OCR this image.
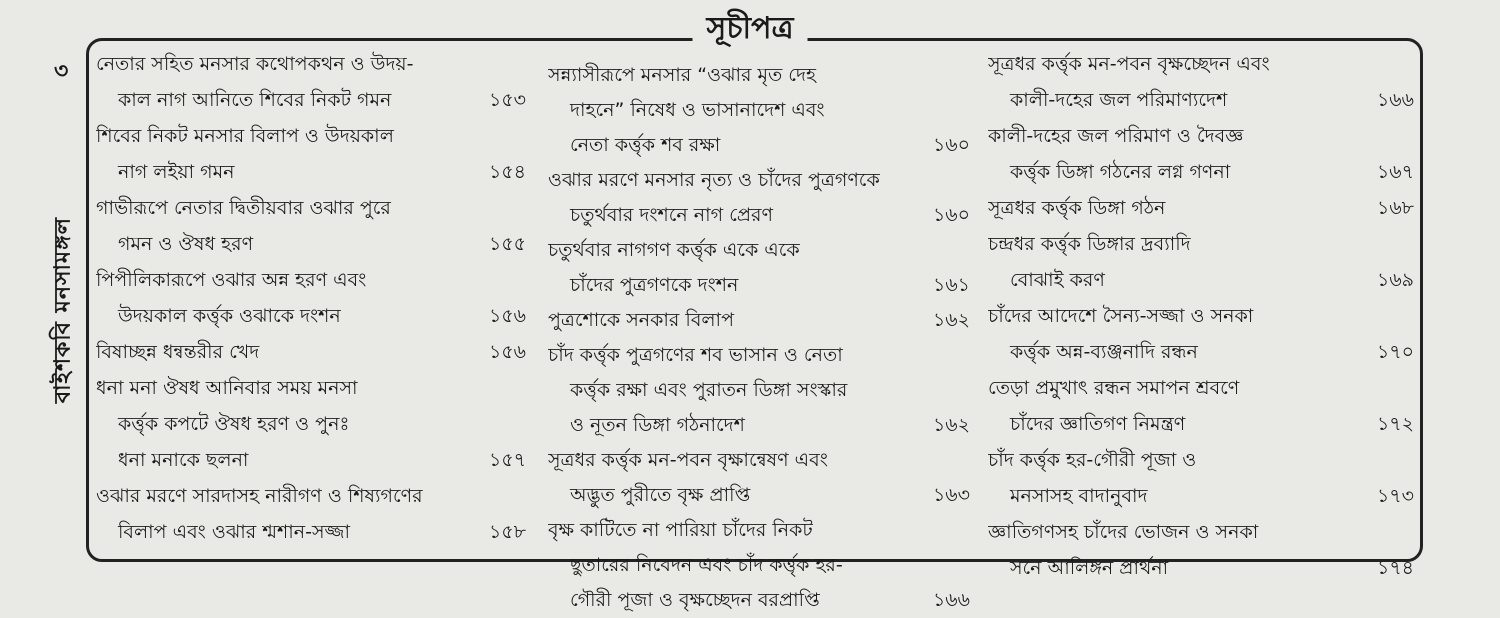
৩
বাইশকবি মনসামঙ্গল
সূচীপত্র
নেতার সহিত মনসার কথোপকথন ও উদয়-
কাল নাগ আনিতে শিবের নিকট গমন	১৫৩
শিবের নিকট মনসার বিলাপ ও উদয়কাল
নাগ লইয়া গমন	১৫৪
গাভীরূপে নেতার দ্বিতীয়বার ওঝার পুরে
গমন ও ঔষধ হরণ	১৫৫
পিপীলিকারূপে ওঝার অন্ন হরণ এবং
উদয়কাল কর্ত্তৃক ওঝাকে দংশন	১৫৬
বিষাচ্ছন্ন ধন্বন্তরীর খেদ	১৫৬
ধনা মনা ঔষধ আনিবার সময় মনসা
কর্ত্তৃক কপটে ঔষধ হরণ ও পুনঃ
ধনা মনাকে ছলনা	১৫৭
ওঝার মরণে সারদাসহ নারীগণ ও শিষ্যগণের
বিলাপ এবং ওঝার শ্মশান-সজ্জা	১৫৮
সন্ন্যাসীরূপে মনসার “ওঝার মৃত দেহ
দাহনে” নিষেধ ও ভাসানাদেশ এবং
নেতা কর্ত্তৃক শব রক্ষা	১৬০
ওঝার মরণে মনসার নৃত্য ও চাঁদের পুত্রগণকে
চতুর্থবার দংশনে নাগ প্রেরণ	১৬০
চতুর্থবার নাগগণ কর্ত্তৃক একে একে
চাঁদের পুত্রগণকে দংশন	১৬১
পুত্রশোকে সনকার বিলাপ	১৬২
চাঁদ কর্ত্তৃক পুত্রগণের শব ভাসান ও নেতা
কর্ত্তৃক রক্ষা এবং পুরাতন ডিঙ্গা সংস্কার
ও নূতন ডিঙ্গা গঠনাদেশ	১৬২
সূত্রধর কর্ত্তৃক মন-পবন বৃক্ষান্বেষণ এবং
অদ্ভুত পুরীতে বৃক্ষ প্রাপ্তি	১৬৩
বৃক্ষ কাটিতে না পারিয়া চাঁদের নিকট
ছুতারের নিবেদন এবং চাঁদ কর্ত্তৃক হর-
গৌরী পূজা ও বৃক্ষচ্ছেদন বরপ্রাপ্তি	১৬৬
সূত্রধর কর্ত্তৃক মন-পবন বৃক্ষচ্ছেদন এবং
কালী-দহের জল পরিমাণ্যদেশ	১৬৬
কালী-দহের জল পরিমাণ ও দৈবজ্ঞ
কর্ত্তৃক ডিঙ্গা গঠনের লগ্ন গণনা	১৬৭
সূত্রধর কর্ত্তৃক ডিঙ্গা গঠন	১৬৮
চন্দ্রধর কর্ত্তৃক ডিঙ্গার দ্রব্যাদি
বোঝাই করণ	১৬৯
চাঁদের আদেশে সৈন্য-সজ্জা ও সনকা
কর্ত্তৃক অন্ন-ব্যঞ্জনাদি রন্ধন	১৭০
তেড়া প্রমুখাৎ রন্ধন সমাপন শ্রবণে
চাঁদের জ্ঞাতিগণ নিমন্ত্রণ	১৭২
চাঁদ কর্ত্তৃক হর-গৌরী পূজা ও
মনসাসহ বাদানুবাদ	১৭৩
জ্ঞাতিগণসহ চাঁদের ভোজন ও সনকা
সনে আলিঙ্গন প্রার্থনা	১৭৪
